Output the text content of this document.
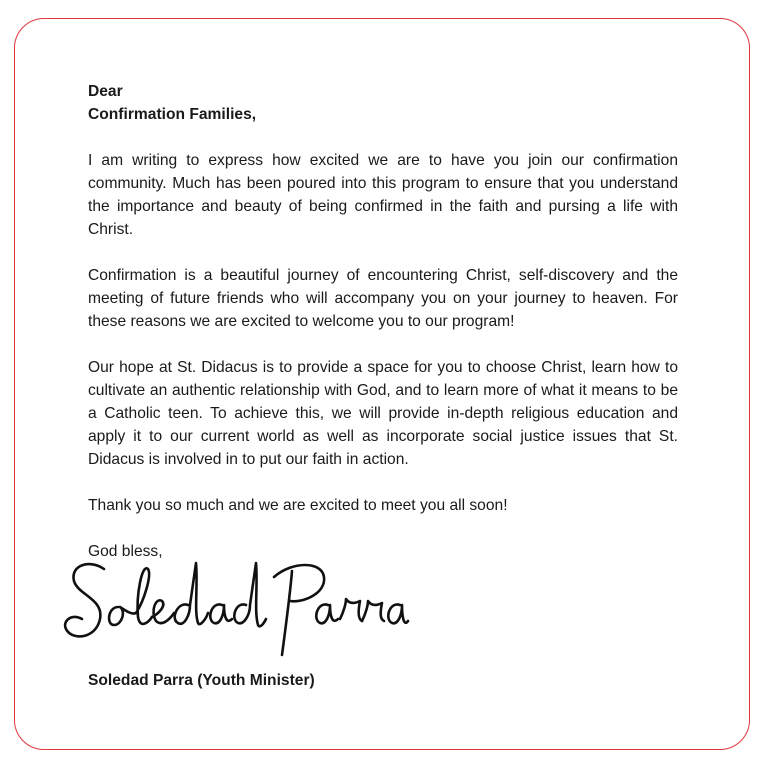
Dear
Confirmation Families,

I am writing to express how excited we are to have you join our confirmation community. Much has been poured into this program to ensure that you understand the importance and beauty of being confirmed in the faith and pursing a life with Christ.

Confirmation is a beautiful journey of encountering Christ, self-discovery and the meeting of future friends who will accompany you on your journey to heaven. For these reasons we are excited to welcome you to our program!

Our hope at St. Didacus is to provide a space for you to choose Christ, learn how to cultivate an authentic relationship with God, and to learn more of what it means to be a Catholic teen. To achieve this, we will provide in-depth religious education and apply it to our current world as well as incorporate social justice issues that St. Didacus is involved in to put our faith in action.

Thank you so much and we are excited to meet you all soon!

God bless,

Soledad Parra (Youth Minister)
